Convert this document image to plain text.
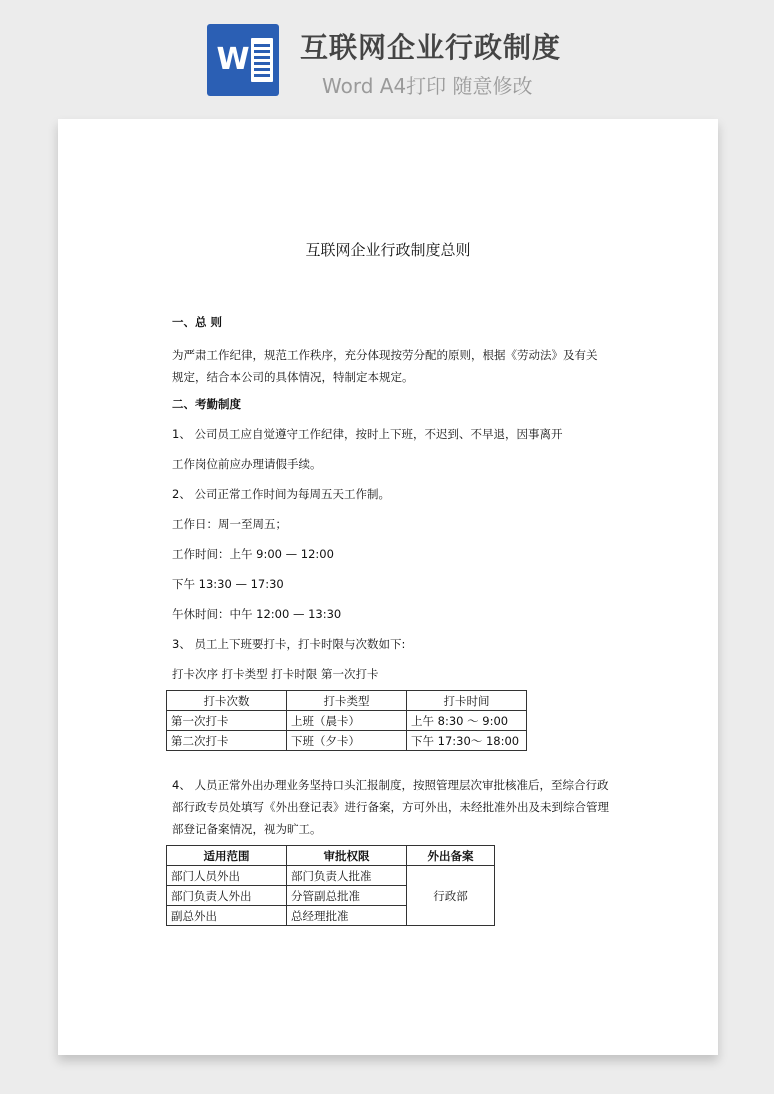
W 互联网企业行政制度
Word A4打印 随意修改
互联网企业行政制度总则
一、总 则
为严肃工作纪律，规范工作秩序，充分体现按劳分配的原则，根据《劳动法》及有关规定，结合本公司的具体情况，特制定本规定。
二、考勤制度
1、 公司员工应自觉遵守工作纪律，按时上下班，不迟到、不早退，因事离开
工作岗位前应办理请假手续。
2、 公司正常工作时间为每周五天工作制。
工作日：周一至周五；
工作时间：上午 9:00 — 12:00
下午 13:30 — 17:30
午休时间：中午 12:00 — 13:30
3、 员工上下班要打卡，打卡时限与次数如下:
打卡次序 打卡类型 打卡时限 第一次打卡
打卡次数	打卡类型	打卡时间
第一次打卡	上班（晨卡）	上午 8:30 ～ 9:00
第二次打卡	下班（夕卡）	下午 17:30～ 18:00
4、 人员正常外出办理业务坚持口头汇报制度，按照管理层次审批核准后，至综合行政部行政专员处填写《外出登记表》进行备案，方可外出，未经批准外出及未到综合管理部登记备案情况，视为旷工。
适用范围	审批权限	外出备案
部门人员外出	部门负责人批准	行政部
部门负责人外出	分管副总批准	
副总外出	总经理批准	
